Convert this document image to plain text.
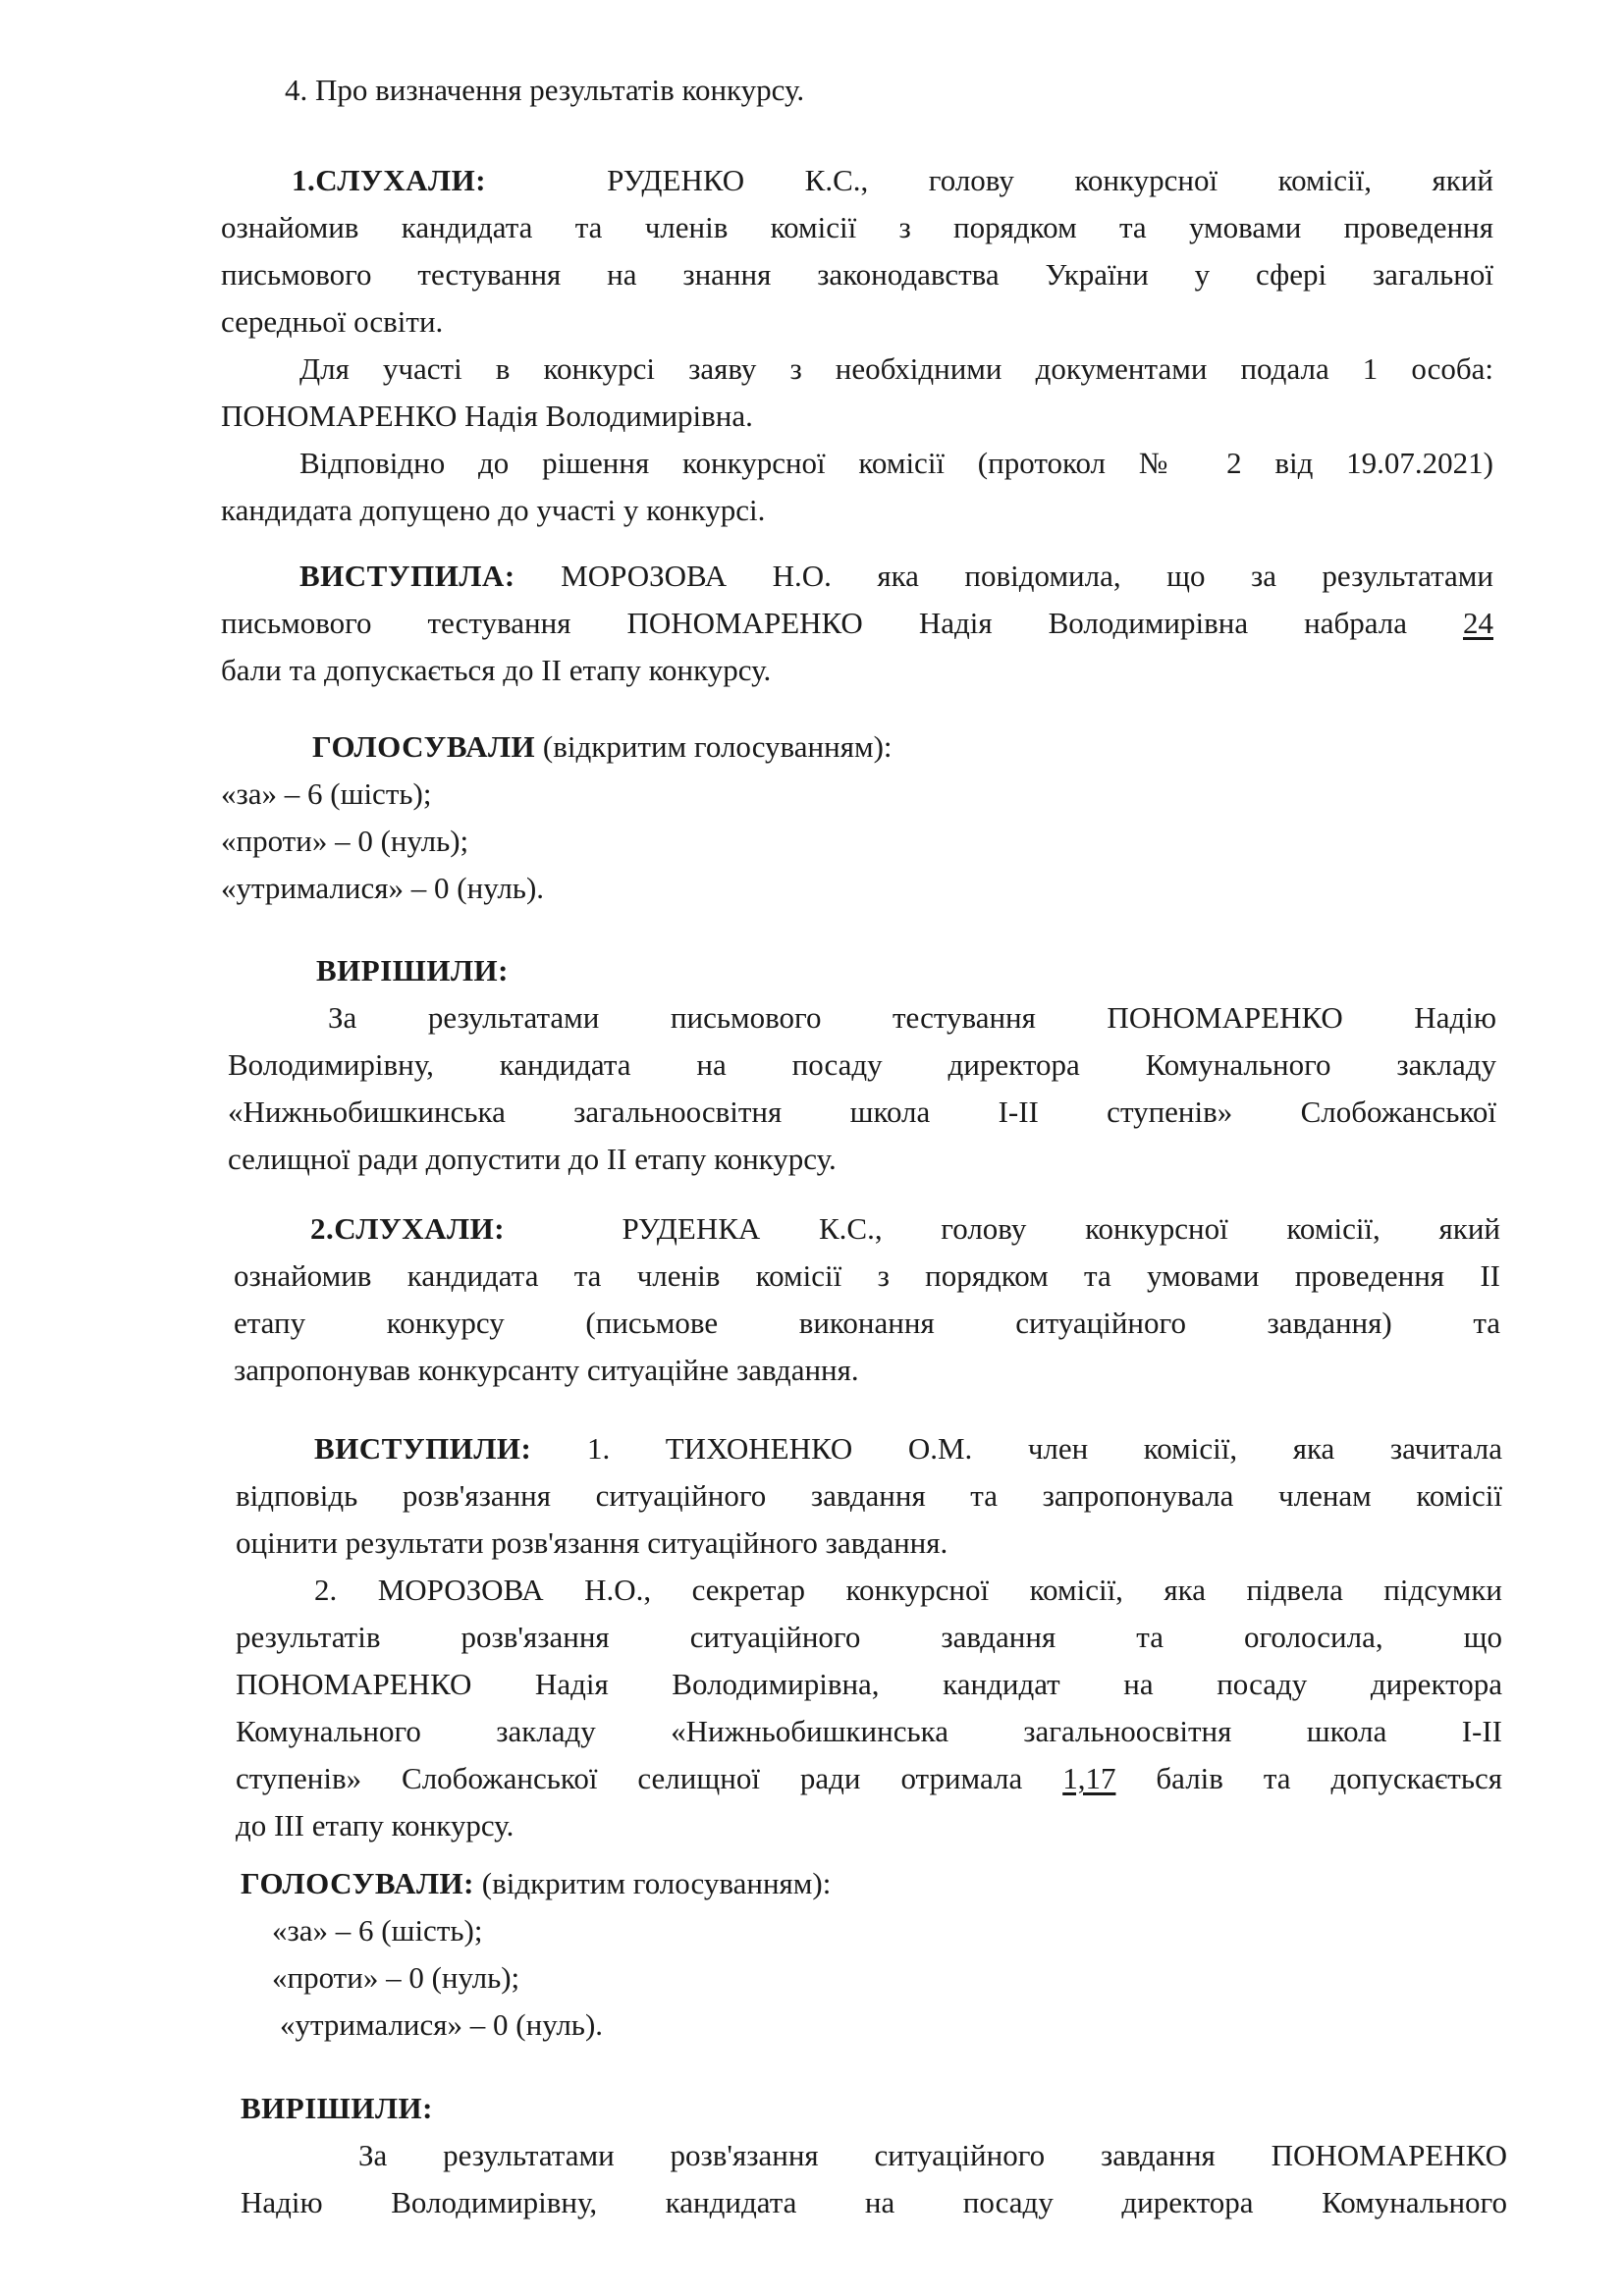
4. Про визначення результатів конкурсу.

1.СЛУХАЛИ:	РУДЕНКО К.С., голову конкурсної комісії, який
ознайомив кандидата та членів комісії з порядком та умовами проведення
письмового тестування на знання законодавства України у сфері загальної
середньої освіти.
Для участі в конкурсі заяву з необхідними документами подала 1 особа:
ПОНОМАРЕНКО Надія Володимирівна.
Відповідно до рішення конкурсної комісії (протокол № 2 від 19.07.2021)
кандидата допущено до участі у конкурсі.
ВИСТУПИЛА: МОРОЗОВА Н.О. яка повідомила, що за результатами
письмового тестування ПОНОМАРЕНКО Надія Володимирівна набрала 24
бали та допускається до ІІ етапу конкурсу.
ГОЛОСУВАЛИ (відкритим голосуванням):
«за» – 6 (шість);
«проти» – 0 (нуль);
«утрималися» – 0 (нуль).
ВИРІШИЛИ:
За результатами письмового тестування ПОНОМАРЕНКО Надію
Володимирівну, кандидата на посаду директора Комунального закладу
«Нижньобишкинська загальноосвітня школа І-ІІ ступенів» Слобожанської
селищної ради допустити до ІІ етапу конкурсу.
2.СЛУХАЛИ:	РУДЕНКА К.С., голову конкурсної комісії, який
ознайомив кандидата та членів комісії з порядком та умовами проведення ІІ
етапу конкурсу (письмове виконання ситуаційного завдання) та
запропонував конкурсанту ситуаційне завдання.
ВИСТУПИЛИ: 1. ТИХОНЕНКО О.М. член комісії, яка зачитала
відповідь розв'язання ситуаційного завдання та запропонувала членам комісії
оцінити результати розв'язання ситуаційного завдання.
2. МОРОЗОВА Н.О., секретар конкурсної комісії, яка підвела підсумки
результатів розв'язання ситуаційного завдання та оголосила, що
ПОНОМАРЕНКО Надія Володимирівна, кандидат на посаду директора
Комунального закладу «Нижньобишкинська загальноосвітня школа І-ІІ
ступенів» Слобожанської селищної ради отримала 1,17 балів та допускається
до ІІІ етапу конкурсу.
ГОЛОСУВАЛИ: (відкритим голосуванням):
«за» – 6 (шість);
«проти» – 0 (нуль);
«утрималися» – 0 (нуль).
ВИРІШИЛИ:
За результатами розв'язання ситуаційного завдання ПОНОМАРЕНКО
Надію Володимирівну, кандидата на посаду директора Комунального
